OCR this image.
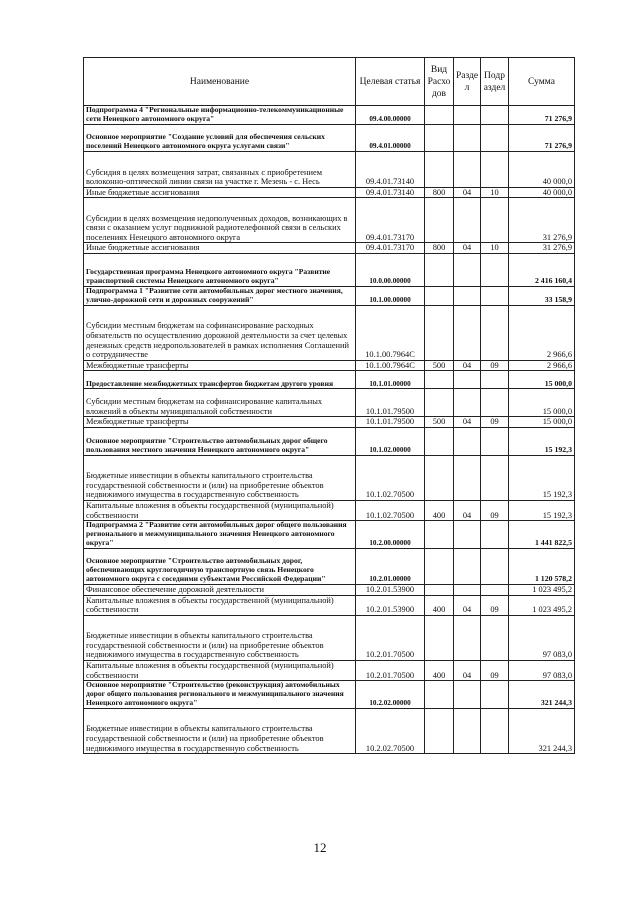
Наименование	Целевая статья	Вид Расхо дов	Разде л	Подр аздел	Сумма
Подпрограмма 4 "Региональные информационно-телекоммуникационные сети Ненецкого автономного округа"	09.4.00.00000				71 276,9
Основное мероприятие "Создание условий для обеспечения сельских поселений Ненецкого автономного округа услугами связи"	09.4.01.00000				71 276,9
Субсидия в целях возмещения затрат, связанных с приобретением волоконно-оптической линии связи на участке г. Мезень - с. Несь	09.4.01.73140				40 000,0
Иные бюджетные ассигнования	09.4.01.73140	800	04	10	40 000,0
Субсидии в целях возмещения недополученных доходов, возникающих в связи с оказанием услуг подвижной радиотелефонной связи в сельских поселениях Ненецкого автономного округа	09.4.01.73170				31 276,9
Иные бюджетные ассигнования	09.4.01.73170	800	04	10	31 276,9
Государственная программа Ненецкого автономного округа "Развитие транспортной системы Ненецкого автономного округа"	10.0.00.00000				2 416 160,4
Подпрограмма 1 "Развитие сети автомобильных дорог местного значения, улично-дорожной сети и дорожных сооружений"	10.1.00.00000				33 158,9
Субсидии местным бюджетам на софинансирование расходных обязательств по осуществлению дорожной деятельности за счет целевых денежных средств недропользователей в рамках исполнения Соглашений о сотрудничестве	10.1.00.7964C				2 966,6
Межбюджетные трансферты	10.1.00.7964C	500	04	09	2 966,6
Предоставление межбюджетных трансфертов бюджетам другого уровня	10.1.01.00000				15 000,0
Субсидии местным бюджетам на софинансирование капитальных вложений в объекты муниципальной собственности	10.1.01.79500				15 000,0
Межбюджетные трансферты	10.1.01.79500	500	04	09	15 000,0
Основное мероприятие "Строительство автомобильных дорог общего пользования местного значения Ненецкого автономного округа"	10.1.02.00000				15 192,3
Бюджетные инвестиции в объекты капитального строительства государственной собственности и (или) на приобретение объектов недвижимого имущества в государственную собственность	10.1.02.70500				15 192,3
Капитальные вложения в объекты государственной (муниципальной) собственности	10.1.02.70500	400	04	09	15 192,3
Подпрограмма 2 "Развитие сети автомобильных дорог общего пользования регионального и межмуниципального значения Ненецкого автономного округа"	10.2.00.00000				1 441 822,5
Основное мероприятие "Строительство автомобильных дорог, обеспечивающих круглогодичную транспортную связь Ненецкого автономного округа с соседними субъектами Российской Федерации"	10.2.01.00000				1 120 578,2
Финансовое обеспечение дорожной деятельности	10.2.01.53900				1 023 495,2
Капитальные вложения в объекты государственной (муниципальной) собственности	10.2.01.53900	400	04	09	1 023 495,2
Бюджетные инвестиции в объекты капитального строительства государственной собственности и (или) на приобретение объектов недвижимого имущества в государственную собственность	10.2.01.70500				97 083,0
Капитальные вложения в объекты государственной (муниципальной) собственности	10.2.01.70500	400	04	09	97 083,0
Основное мероприятие "Строительство (реконструкция) автомобильных дорог общего пользования регионального и межмуниципального значения Ненецкого автономного округа"	10.2.02.00000				321 244,3
Бюджетные инвестиции в объекты капитального строительства государственной собственности и (или) на приобретение объектов недвижимого имущества в государственную собственность	10.2.02.70500				321 244,3
12
